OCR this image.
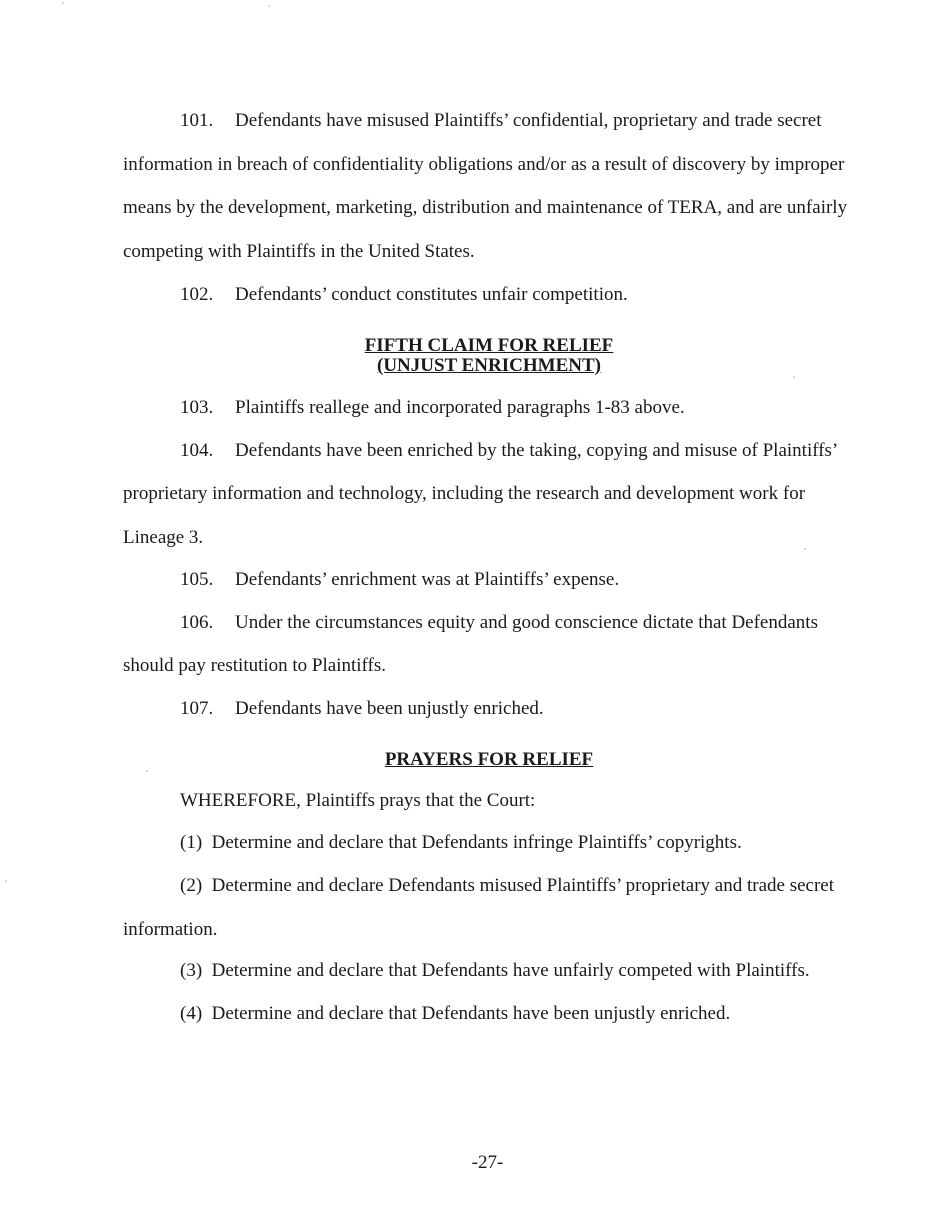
101. Defendants have misused Plaintiffs’ confidential, proprietary and trade secret
information in breach of confidentiality obligations and/or as a result of discovery by improper
means by the development, marketing, distribution and maintenance of TERA, and are unfairly
competing with Plaintiffs in the United States.
102. Defendants’ conduct constitutes unfair competition.
FIFTH CLAIM FOR RELIEF
(UNJUST ENRICHMENT)
103. Plaintiffs reallege and incorporated paragraphs 1-83 above.
104. Defendants have been enriched by the taking, copying and misuse of Plaintiffs’
proprietary information and technology, including the research and development work for
Lineage 3.
105. Defendants’ enrichment was at Plaintiffs’ expense.
106. Under the circumstances equity and good conscience dictate that Defendants
should pay restitution to Plaintiffs.
107. Defendants have been unjustly enriched.
PRAYERS FOR RELIEF
WHEREFORE, Plaintiffs prays that the Court:
(1) Determine and declare that Defendants infringe Plaintiffs’ copyrights.
(2) Determine and declare Defendants misused Plaintiffs’ proprietary and trade secret
information.
(3) Determine and declare that Defendants have unfairly competed with Plaintiffs.
(4) Determine and declare that Defendants have been unjustly enriched.
-27-
